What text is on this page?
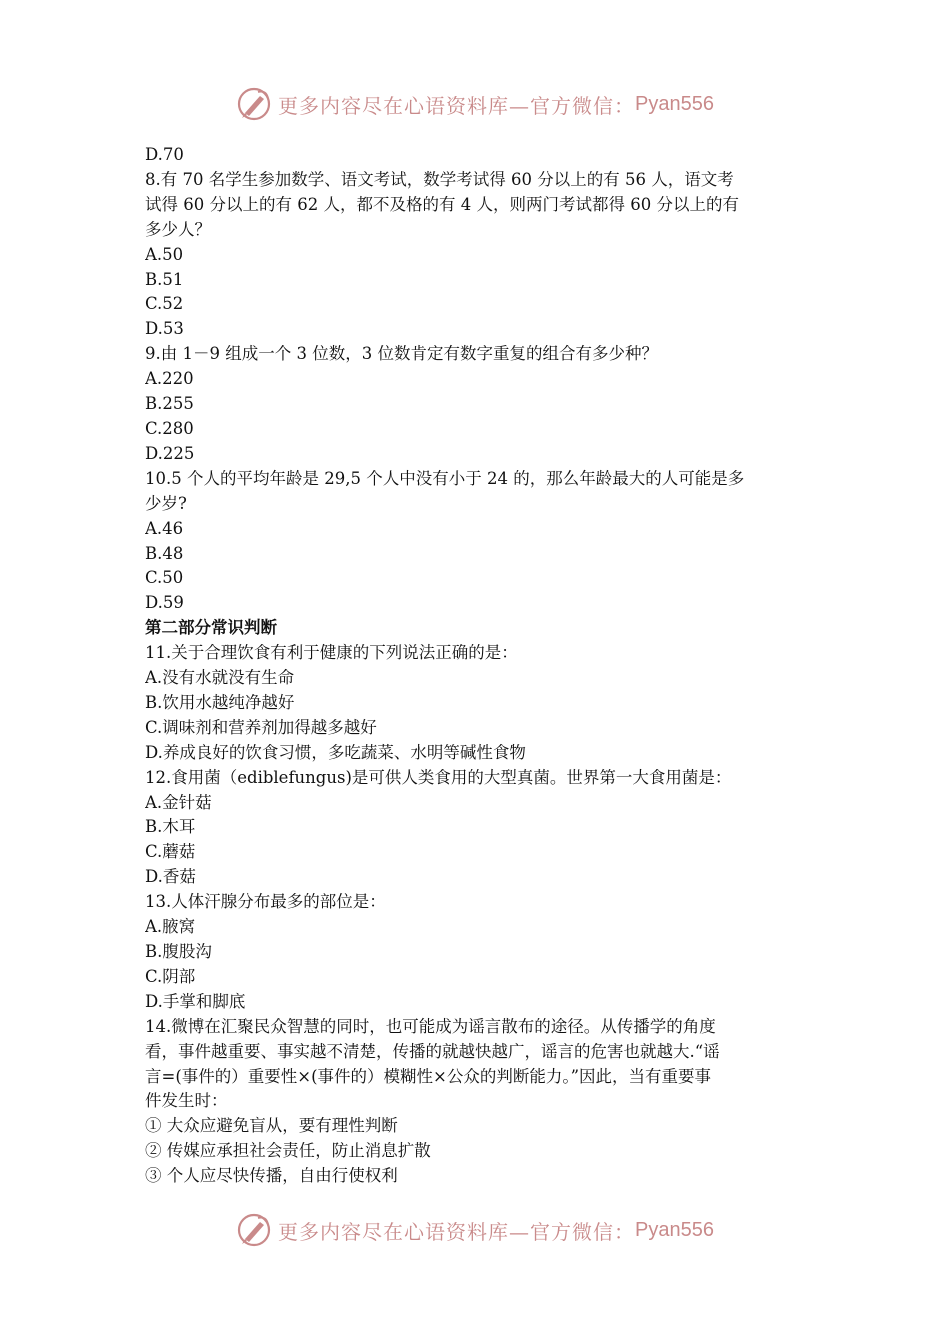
更多内容尽在心语资料库—官方微信： Pyan556
D.70
8.有 70 名学生参加数学、语文考试，数学考试得 60 分以上的有 56 人，语文考
试得 60 分以上的有 62 人，都不及格的有 4 人，则两门考试都得 60 分以上的有
多少人？
A.50
B.51
C.52
D.53
9.由 1－9 组成一个 3 位数，3 位数肯定有数字重复的组合有多少种？
A.220
B.255
C.280
D.225
10.5 个人的平均年龄是 29,5 个人中没有小于 24 的，那么年龄最大的人可能是多
少岁?
A.46
B.48
C.50
D.59
第二部分常识判断
11.关于合理饮食有利于健康的下列说法正确的是：
A.没有水就没有生命
B.饮用水越纯净越好
C.调味剂和营养剂加得越多越好
D.养成良好的饮食习惯，多吃蔬菜、水明等碱性食物
12.食用菌（ediblefungus)是可供人类食用的大型真菌。世界第一大食用菌是：
A.金针菇
B.木耳
C.蘑菇
D.香菇
13.人体汗腺分布最多的部位是：
A.腋窝
B.腹股沟
C.阴部
D.手掌和脚底
14.微博在汇聚民众智慧的同时，也可能成为谣言散布的途径。从传播学的角度
看，事件越重要、事实越不清楚，传播的就越快越广，谣言的危害也就越大.“谣
言=(事件的）重要性×(事件的）模糊性×公众的判断能力。”因此，当有重要事
件发生时：
① 大众应避免盲从，要有理性判断
② 传媒应承担社会责任，防止消息扩散
③ 个人应尽快传播，自由行使权利
更多内容尽在心语资料库—官方微信： Pyan556
